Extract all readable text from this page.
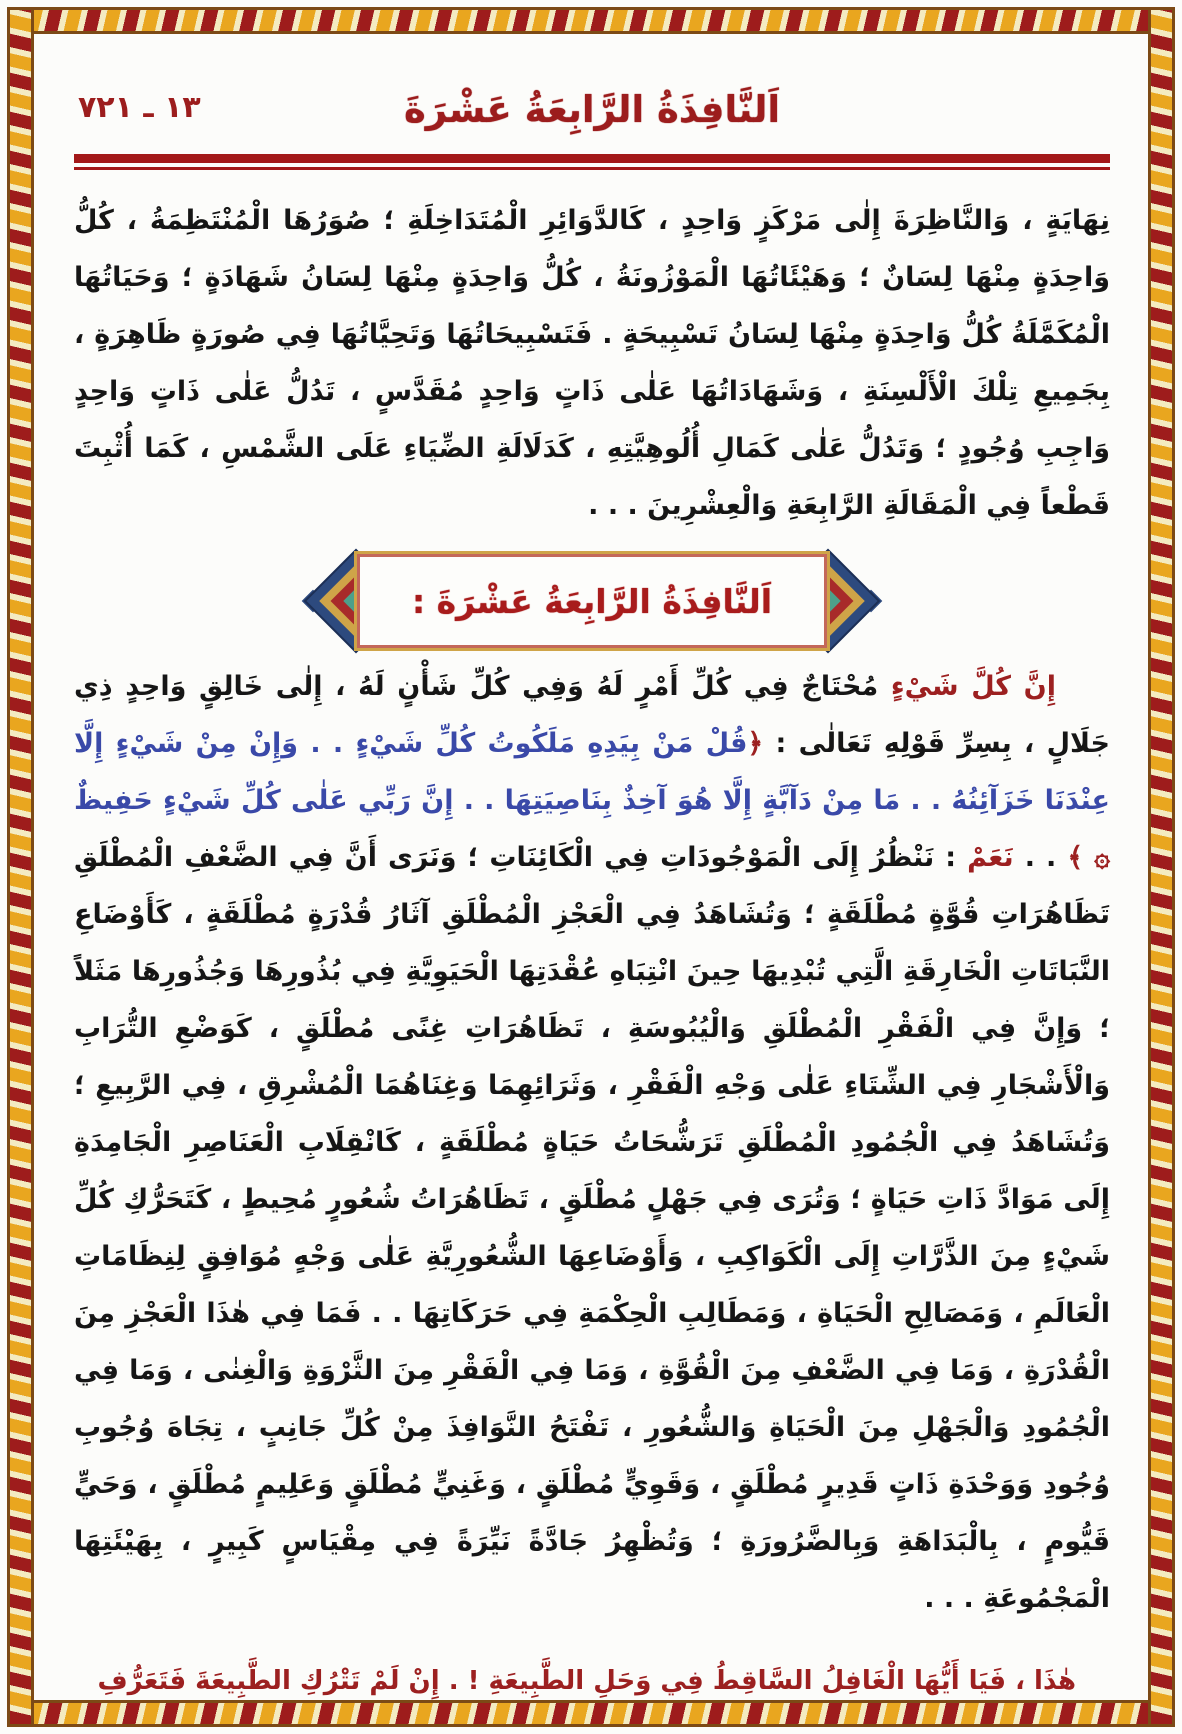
١٣ ـ ٧٢١	اَلنَّافِذَةُ الرَّابِعَةُ عَشْرَةَ

نِهَايَةٍ ، وَالنَّاظِرَةَ إِلٰى مَرْكَزٍ وَاحِدٍ ، كَالدَّوَائِرِ الْمُتَدَاخِلَةِ ؛ صُوَرُهَا الْمُنْتَظِمَةُ ، كُلُّ وَاحِدَةٍ مِنْهَا لِسَانٌ ؛ وَهَيْئَاتُهَا الْمَوْزُونَةُ ، كُلُّ وَاحِدَةٍ مِنْهَا لِسَانُ شَهَادَةٍ ؛ وَحَيَاتُهَا الْمُكَمَّلَةُ كُلُّ وَاحِدَةٍ مِنْهَا لِسَانُ تَسْبِيحَةٍ . فَتَسْبِيحَاتُهَا وَتَحِيَّاتُهَا فِي صُورَةٍ ظَاهِرَةٍ ، بِجَمِيعِ تِلْكَ الْأَلْسِنَةِ ، وَشَهَادَاتُهَا عَلٰى ذَاتٍ وَاحِدٍ مُقَدَّسٍ ، تَدُلُّ عَلٰى ذَاتٍ وَاحِدٍ وَاجِبِ وُجُودٍ ؛ وَتَدُلُّ عَلٰى كَمَالِ أُلُوهِيَّتِهِ ، كَدَلَالَةِ الضِّيَاءِ عَلَى الشَّمْسِ ، كَمَا أُثْبِتَ قَطْعاً فِي الْمَقَالَةِ الرَّابِعَةِ وَالْعِشْرِينَ . . .

اَلنَّافِذَةُ الرَّابِعَةُ عَشْرَةَ :

إِنَّ كُلَّ شَيْءٍ مُحْتَاجٌ فِي كُلِّ أَمْرٍ لَهُ وَفِي كُلِّ شَأْنٍ لَهُ ، إِلٰى خَالِقٍ وَاحِدٍ ذِي جَلَالٍ ، بِسِرِّ قَوْلِهِ تَعَالٰى : ﴿قُلْ مَنْ بِيَدِهِ مَلَكُوتُ كُلِّ شَيْءٍ . . وَإِنْ مِنْ شَيْءٍ إِلَّا عِنْدَنَا خَزَآئِنُهُ . . مَا مِنْ دَآبَّةٍ إِلَّا هُوَ آخِذٌ بِنَاصِيَتِهَا . . إِنَّ رَبِّي عَلٰى كُلِّ شَيْءٍ حَفِيظٌ ۞ ﴾ . . نَعَمْ : نَنْظُرُ إِلَى الْمَوْجُودَاتِ فِي الْكَائِنَاتِ ؛ وَنَرَى أَنَّ فِي الضَّعْفِ الْمُطْلَقِ تَظَاهُرَاتِ قُوَّةٍ مُطْلَقَةٍ ؛ وَتُشَاهَدُ فِي الْعَجْزِ الْمُطْلَقِ آثَارُ قُدْرَةٍ مُطْلَقَةٍ ، كَأَوْضَاعِ النَّبَاتَاتِ الْخَارِقَةِ الَّتِي تُبْدِيهَا حِينَ انْتِبَاهِ عُقْدَتِهَا الْحَيَوِيَّةِ فِي بُذُورِهَا وَجُذُورِهَا مَثَلاً ؛ وَإِنَّ فِي الْفَقْرِ الْمُطْلَقِ وَالْيُبُوسَةِ ، تَظَاهُرَاتِ غِنًى مُطْلَقٍ ، كَوَضْعِ التُّرَابِ وَالْأَشْجَارِ فِي الشِّتَاءِ عَلٰى وَجْهِ الْفَقْرِ ، وَثَرَائِهِمَا وَغِنَاهُمَا الْمُشْرِقِ ، فِي الرَّبِيعِ ؛ وَتُشَاهَدُ فِي الْجُمُودِ الْمُطْلَقِ تَرَشُّحَاتُ حَيَاةٍ مُطْلَقَةٍ ، كَانْقِلَابِ الْعَنَاصِرِ الْجَامِدَةِ إِلَى مَوَادَّ ذَاتِ حَيَاةٍ ؛ وَتُرَى فِي جَهْلٍ مُطْلَقٍ ، تَظَاهُرَاتُ شُعُورٍ مُحِيطٍ ، كَتَحَرُّكِ كُلِّ شَيْءٍ مِنَ الذَّرَّاتِ إِلَى الْكَوَاكِبِ ، وَأَوْضَاعِهَا الشُّعُورِيَّةِ عَلٰى وَجْهٍ مُوَافِقٍ لِنِظَامَاتِ الْعَالَمِ ، وَمَصَالِحِ الْحَيَاةِ ، وَمَطَالِبِ الْحِكْمَةِ فِي حَرَكَاتِهَا . . فَمَا فِي هٰذَا الْعَجْزِ مِنَ الْقُدْرَةِ ، وَمَا فِي الضَّعْفِ مِنَ الْقُوَّةِ ، وَمَا فِي الْفَقْرِ مِنَ الثَّرْوَةِ وَالْغِنٰى ، وَمَا فِي الْجُمُودِ وَالْجَهْلِ مِنَ الْحَيَاةِ وَالشُّعُورِ ، تَفْتَحُ النَّوَافِذَ مِنْ كُلِّ جَانِبٍ ، تِجَاهَ وُجُوبِ وُجُودِ وَوَحْدَةِ ذَاتٍ قَدِيرٍ مُطْلَقٍ ، وَقَوِيٍّ مُطْلَقٍ ، وَغَنِيٍّ مُطْلَقٍ وَعَلِيمٍ مُطْلَقٍ ، وَحَيٍّ قَيُّومٍ ، بِالْبَدَاهَةِ وَبِالضَّرُورَةِ ؛ وَتُظْهِرُ جَادَّةً نَيِّرَةً فِي مِقْيَاسٍ كَبِيرٍ ، بِهَيْئَتِهَا الْمَجْمُوعَةِ . . .

هٰذَا ، فَيَا أَيُّهَا الْغَافِلُ السَّاقِطُ فِي وَحَلِ الطَّبِيعَةِ ! . إِنْ لَمْ تَتْرُكِ الطَّبِيعَةَ فَتَعَرُّفِ
